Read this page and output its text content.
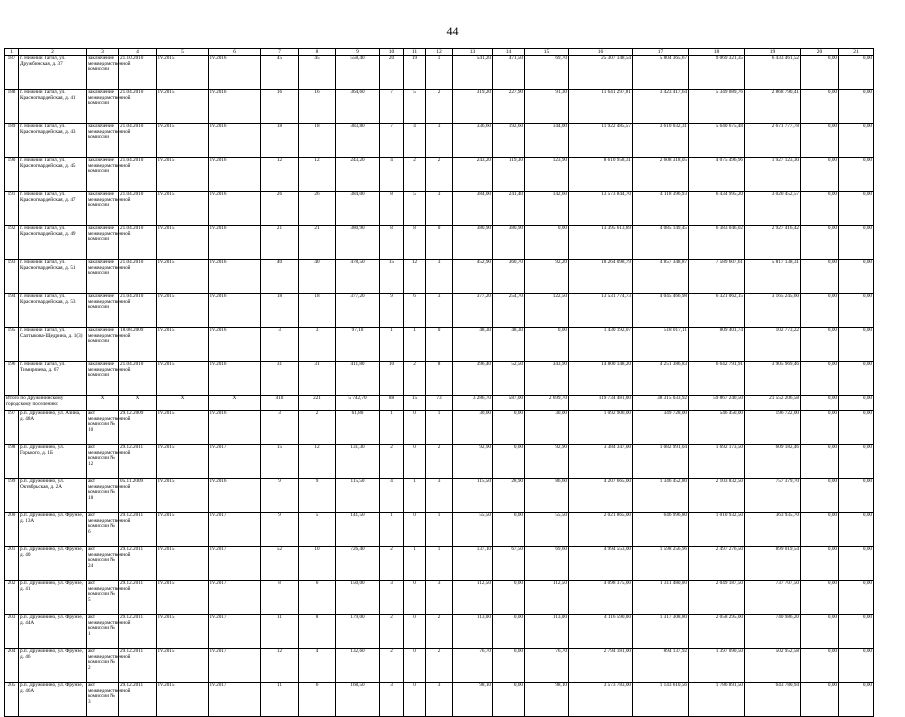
44
1	2	3	4	5	6	7	8	9	10	11	12	13	14	15	16	17	18	19	20	21
187	г. Нижний Тагил, ул. Дружбинская, д. 37	заключение межведомственной комиссии	21.10.2010	IV.2015	IV.2016	45	45	558,40	20	19	1	541,20	471,50	69,70	25 307 148,54	5 804 365,67	9 069 321,35	6 433 461,52	0,00	0,00
188	г. Нижний Тагил, ул. Красногвардейская, д. 41	заключение межведомственной комиссии	21.04.2010	IV.2015	IV.2016	16	16	364,60	7	5	2	319,20	227,90	91,30	11 641 297,81	3 423 417,64	5 349 089,76	2 868 790,41	0,00	0,00
189	г. Нижний Тагил, ул. Красногвардейская, д. 43	заключение межведомственной комиссии	21.04.2010	IV.2015	IV.2016	18	18	383,80	7	4	3	336,60	192,60	144,00	11 922 485,57	3 610 032,31	5 640 675,48	2 671 777,78	0,00	0,00
190	г. Нижний Тагил, ул. Красногвардейская, д. 45	заключение межведомственной комиссии	21.04.2010	IV.2015	IV.2016	12	12	243,20	4	2	2	243,20	119,30	123,90	8 610 958,31	2 608 318,05	4 075 496,96	1 927 123,30	0,00	0,00
191	г. Нижний Тагил, ул. Красногвардейская, д. 47	заключение межведомственной комиссии	21.04.2010	IV.2015	IV.2016	26	26	384,00	8	5	3	384,00	241,40	142,60	13 573 844,70	4 118 396,93	6 434 995,20	3 020 452,57	0,00	0,00
192	г. Нижний Тагил, ул. Красногвардейская, д. 49	заключение межведомственной комиссии	21.04.2010	IV.2015	IV.2016	21	21	380,90	8	8	0	380,90	380,90	0,00	13 395 613,89	4 085 149,45	6 383 046,02	2 927 416,42	0,00	0,00
193	г. Нижний Тагил, ул. Красногвардейская, д. 51	заключение межведомственной комиссии	21.04.2010	IV.2015	IV.2016	40	40	478,50	15	12	3	452,90	360,70	92,20	18 264 098,79	4 857 348,87	7 589 607,61	5 817 138,31	0,00	0,00
194	г. Нижний Тагил, ул. Красногвардейская, д. 53	заключение межведомственной комиссии	21.04.2010	IV.2015	IV.2016	18	18	377,20	9	6	3	377,20	254,70	122,50	13 531 774,73	4 045 466,98	6 321 062,15	3 165 245,60	0,00	0,00
195	г. Нижний Тагил, ул. Салтыкова-Щедрина, д. 1(3)	заключение межведомственной комиссии	18.08.2009	IV.2015	IV.2016	3	3	97,10	1	1	0	48,30	48,30	0,00	1 430 192,07	518 017,11	809 401,74	102 773,22	0,00	0,00
196	г. Нижний Тагил, ул. Тимирязева, д. 67	заключение межведомственной комиссии	21.04.2010	IV.2015	IV.2016	31	31	411,80	10	2	8	396,40	52,50	343,90	14 800 148,20	4 251 386,83	6 642 791,91	3 905 969,46	0,00	0,00
Итого по Дружининскому городскому поселению:		X	X	X	X	410	221	5 742,70	88	15	73	3 286,70	587,00	2 699,70	119 734 481,00	38 315 033,92	59 867 240,50	21 552 206,58	0,00	0,00
197	р.п. Дружинино, ул. Азина, д. 48А	акт межведомственной комиссии № 10	29.12.2009	IV.2015	IV.2016	3	2	61,80	1	0	1	30,00	0,00	30,00	1 092 900,00	349 728,00	546 450,00	196 722,00	0,00	0,00
198	р.п. Дружинино, ул. Горького, д. 1Б	акт межведомственной комиссии № 12	29.12.2011	IV.2015	IV.2017	15	12	131,30	2	0	2	92,90	0,00	92,90	3 384 347,00	1 082 991,04	1 692 173,50	609 182,46	0,00	0,00
199	р.п. Дружинино, ул. Октябрьская, д. 2А	акт межведомственной комиссии № 18	05.11.2009	IV.2015	IV.2016	9	9	115,50	4	1	3	115,50	28,90	86,60	4 207 665,00	1 346 452,80	2 103 832,50	757 379,70	0,00	0,00
200	р.п. Дружинино, ул. Фрунзе, д. 13А	акт межведомственной комиссии № 6	29.12.2011	IV.2015	IV.2017	9	5	141,50	1	0	1	55,50	0,00	55,50	2 021 865,00	646 996,80	1 010 932,50	363 935,70	0,00	0,00
201	р.п. Дружинино, ул. Фрунзе, д. 40	акт межведомственной комиссии № 24	29.12.2011	IV.2015	IV.2017	52	10	726,40	2	1	1	137,10	67,50	69,60	4 994 553,00	1 598 256,96	2 497 276,50	899 019,54	0,00	0,00
202	р.п. Дружинино, ул. Фрунзе, д. 41	акт межведомственной комиссии № 5	29.12.2011	IV.2015	IV.2017	8	6	150,00	3	0	3	112,50	0,00	112,50	4 098 375,00	1 311 480,00	2 049 187,50	737 707,50	0,00	0,00
203	р.п. Дружинино, ул. Фрунзе, д. 44А	акт межведомственной комиссии № 1	29.12.2011	IV.2015	IV.2017	11	8	179,00	2	0	2	113,00	0,00	113,00	4 116 590,00	1 317 308,80	2 058 295,00	740 986,20	0,00	0,00
204	р.п. Дружинино, ул. Фрунзе, д. 46	акт межведомственной комиссии № 2	29.12.2011	IV.2015	IV.2017	12	4	132,60	2	0	2	76,70	0,00	76,70	2 794 181,00	894 137,92	1 397 090,50	502 952,58	0,00	0,00
205	р.п. Дружинино, ул. Фрунзе, д. 46А	акт межведомственной комиссии № 3	29.12.2011	IV.2015	IV.2017	11	6	168,50	3	0	3	98,10	0,00	98,10	3 573 783,00	1 143 610,56	1 786 891,50	643 780,94	0,00	0,00
